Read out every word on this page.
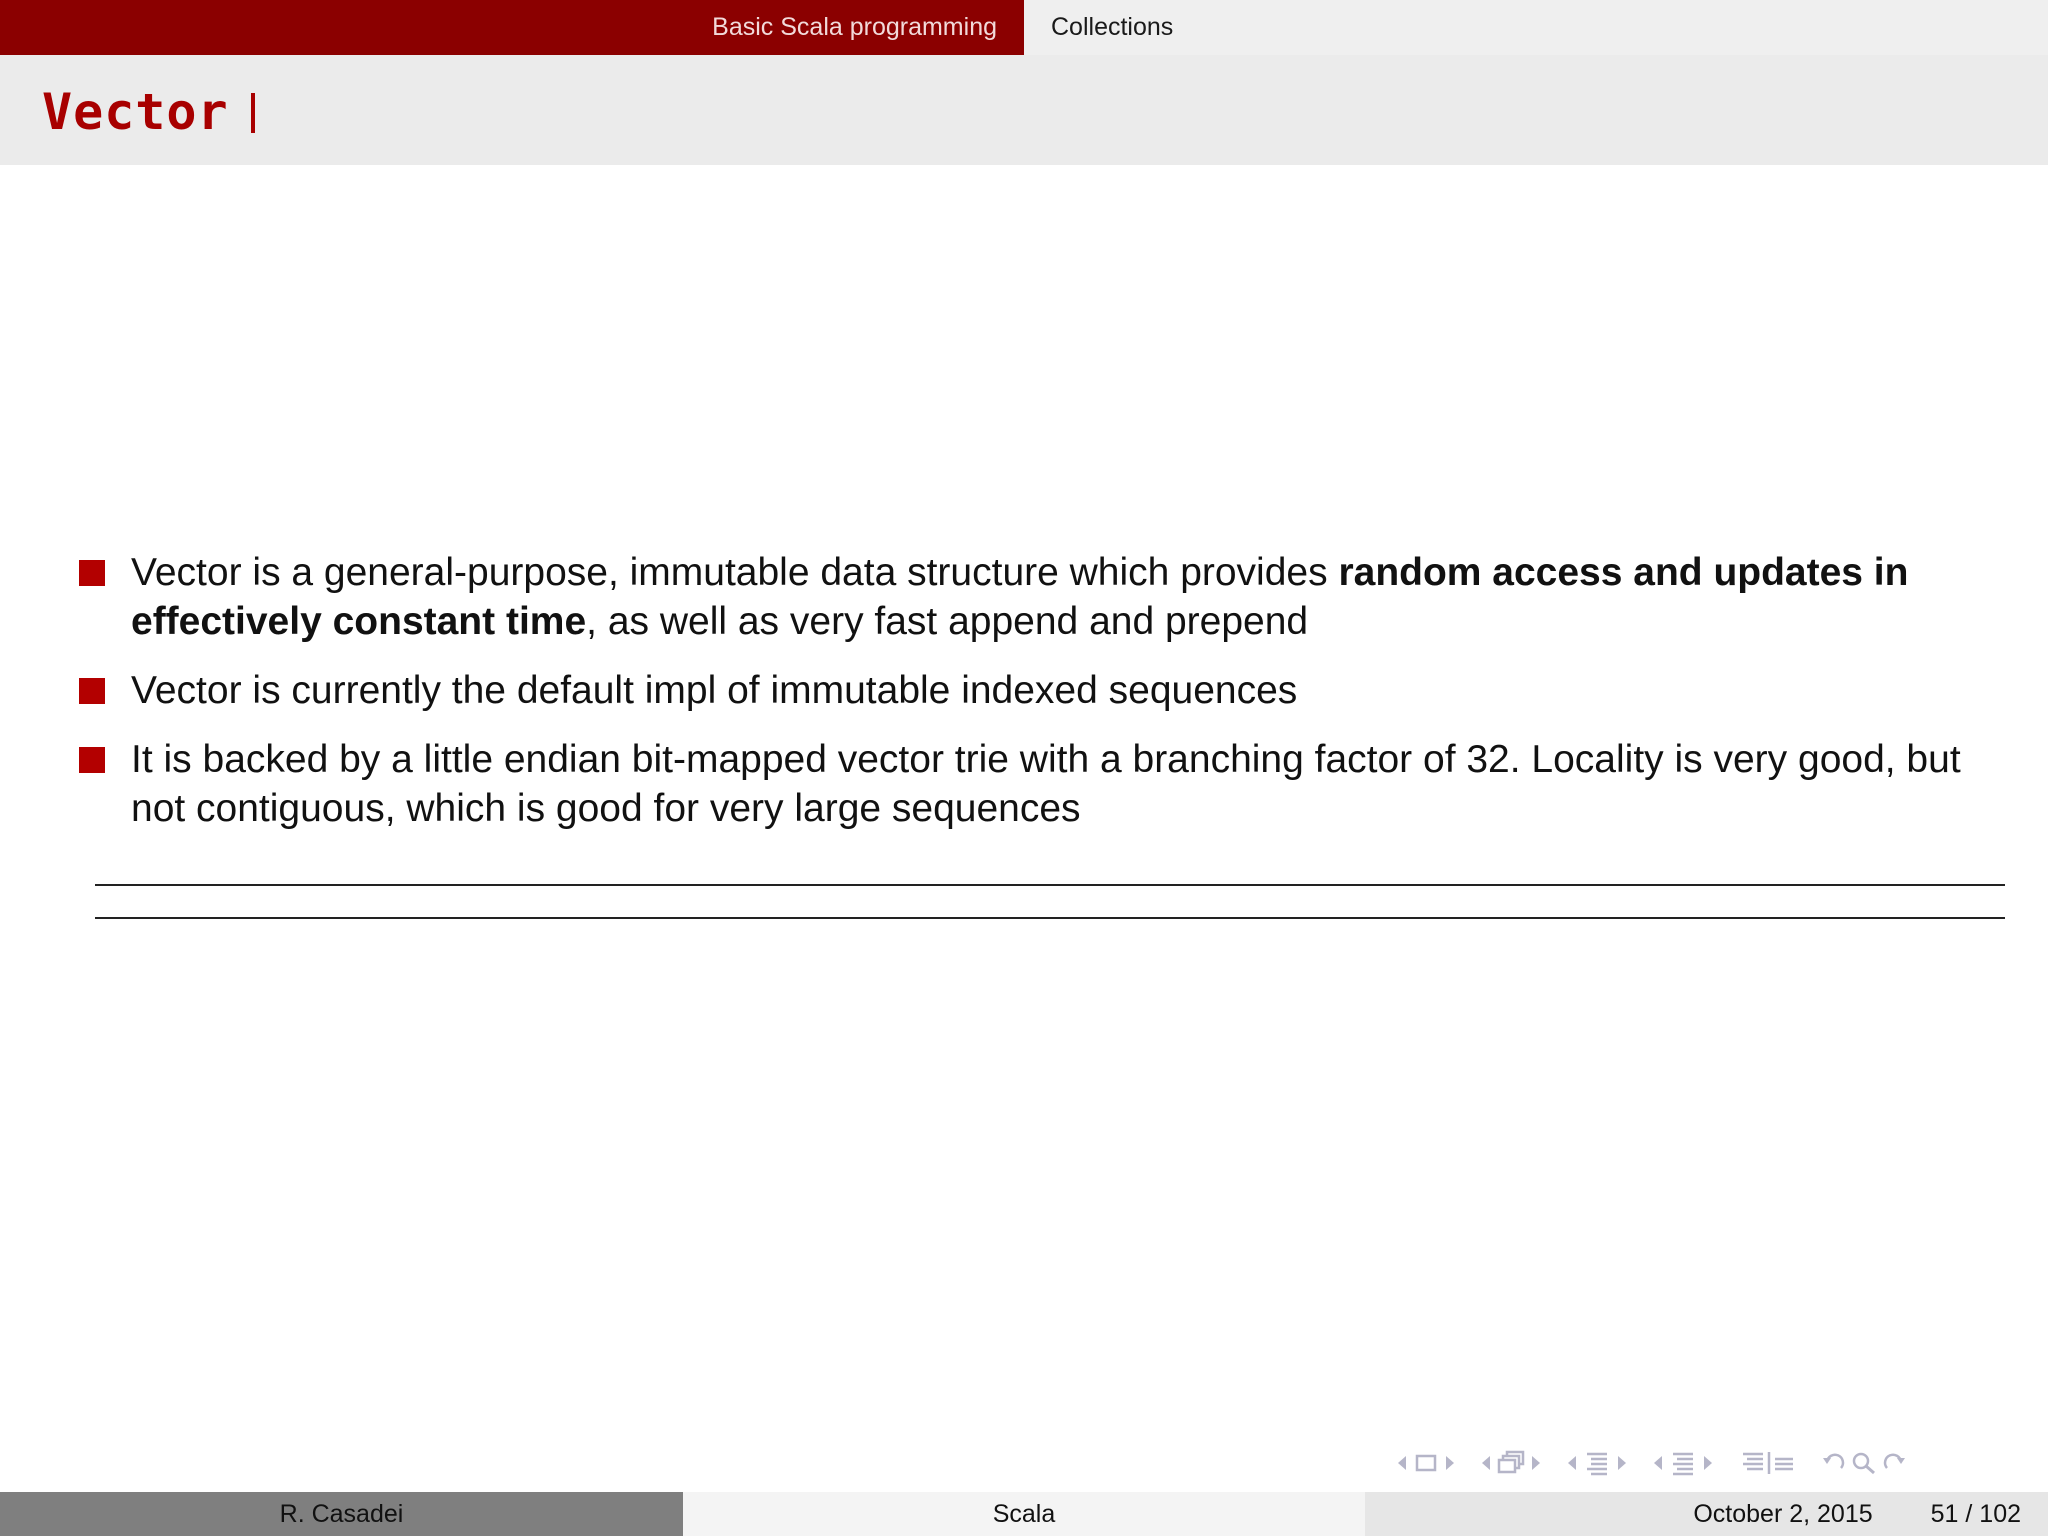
Basic Scala programming Collections
Vector
Vector is a general-purpose, immutable data structure which provides random access and updates in effectively constant time, as well as very fast append and prepend
Vector is currently the default impl of immutable indexed sequences
It is backed by a little endian bit-mapped vector trie with a branching factor of 32. Locality is very good, but not contiguous, which is good for very large sequences
R. Casadei	Scala	October 2, 2015 51 / 102
